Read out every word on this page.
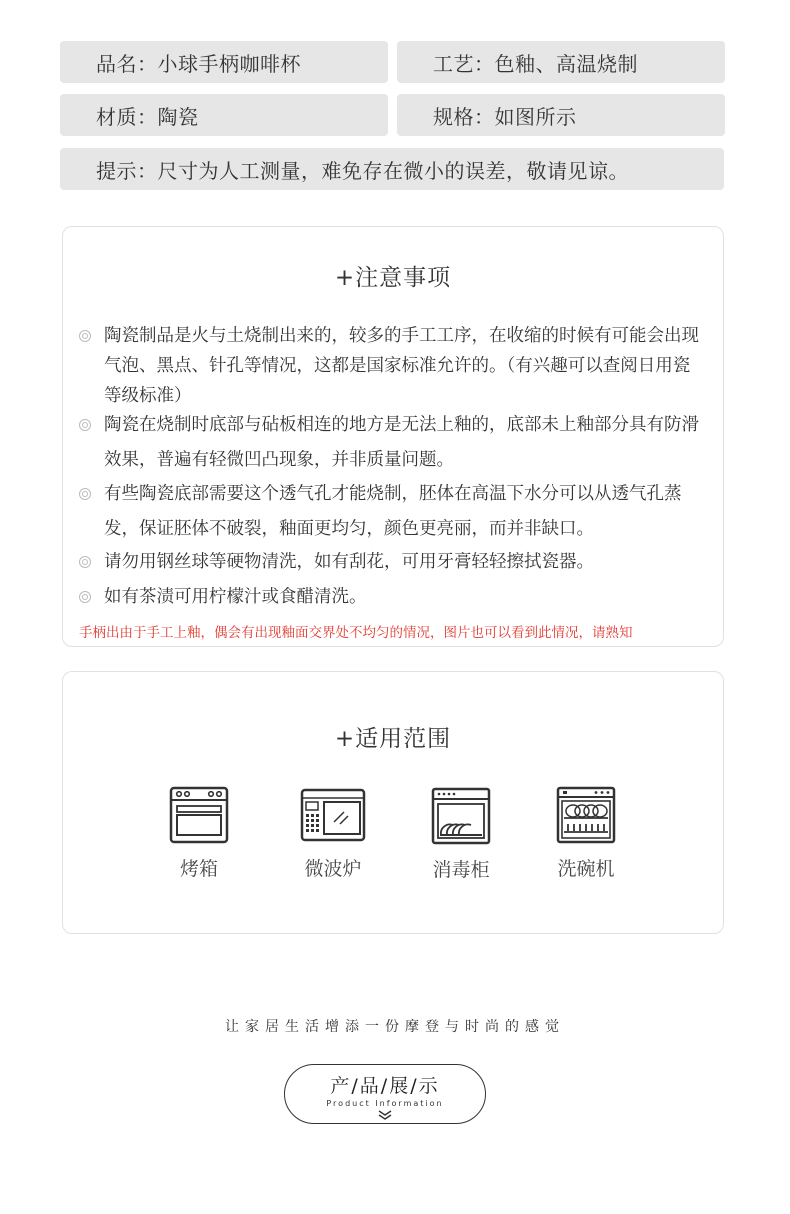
品名：小球手柄咖啡杯	工艺：色釉、高温烧制
材质：陶瓷	规格：如图所示
提示：尺寸为人工测量，难免存在微小的误差，敬请见谅。
+注意事项
陶瓷制品是火与土烧制出来的，较多的手工工序，在收缩的时候有可能会出现气泡、黑点、针孔等情况，这都是国家标准允许的。（有兴趣可以查阅日用瓷等级标准）
陶瓷在烧制时底部与砧板相连的地方是无法上釉的，底部未上釉部分具有防滑效果，普遍有轻微凹凸现象，并非质量问题。
有些陶瓷底部需要这个透气孔才能烧制，胚体在高温下水分可以从透气孔蒸发，保证胚体不破裂，釉面更均匀，颜色更亮丽，而并非缺口。
请勿用钢丝球等硬物清洗，如有刮花，可用牙膏轻轻擦拭瓷器。
如有茶渍可用柠檬汁或食醋清洗。
手柄出由于手工上釉，偶会有出现釉面交界处不均匀的情况，图片也可以看到此情况，请熟知
+适用范围
烤箱	微波炉	消毒柜	洗碗机
让家居生活增添一份摩登与时尚的感觉
产/品/展/示
Product Information
